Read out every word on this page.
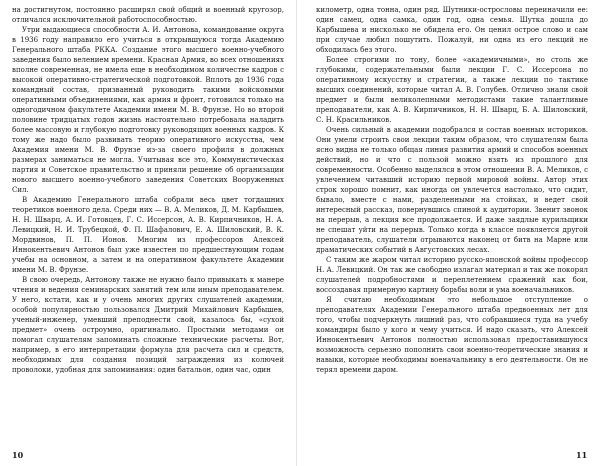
на достигнутом, постоянно расширял свой общий и военный кругозор, отличался исключительной работоспособностью.

Утри выдающиеся способности А. И. Антонова, командование округа в 1936 году направило его учиться в открывшуюся тогда Академию Генерального штаба РККА. Создание этого высшего военно-учебного заведения было велением времени. Красная Армия, во всех отношениях вполне современная, не имела еще в необходимом количестве кадров с высокой оперативно-стратегической подготовкой. Вплоть до 1936 года командный состав, призванный руководить такими войсковыми оперативными объединениями, как армия и фронт, готовился только на одногодичном факультете Академии имени М. В. Фрунзе. Но во второй половине тридцатых годов жизнь настоятельно потребовала наладить более массовую и глубокую подготовку руководящих военных кадров. К тому же надо было развивать теорию оперативного искусства, чем Академия имени М. В. Фрунзе из-за своего профиля в должных размерах заниматься не могла. Учитывая все это, Коммунистическая партия и Советское правительство и приняли решение об организации нового высшего военно-учебного заведения Советских Вооруженных Сил.

В Академию Генерального штаба собрали весь цвет тогдашних теоретиков военного дела. Среди них — В. А. Меликов, Д. М. Карбышев, Н. Н. Шварц, А. И. Готовцев, Г. С. Иссерсон, А. В. Кирпичников, Н. А. Левицкий, Н. И. Трубецкой, Ф. П. Шафалович, Е. А. Шиловский, В. К. Мордвинов, П. П. Ионов. Многим из профессоров Алексей Иннокентьевич Антонов был уже известен по предшествующим годам учебы на основном, а затем и на оперативном факультете Академии имени М. В. Фрунзе.

В свою очередь, Антонову также не нужно было привыкать к манере чтения и ведения семинарских занятий тем или иным преподавателем. У него, кстати, как и у очень многих других слушателей академии, особой популярностью пользовался Дмитрий Михайлович Карбышев, ученый-инженер, умевший преподнести свой, казалось бы, «сухой предмет» очень остроумно, оригинально. Простыми методами он помогал слушателям запоминать сложные технические расчеты. Вот, например, в его интерпретации формула для расчета сил и средств, необходимых для создания позиций заграждения из колючей проволоки, удобная для запоминания: один батальон, один час, один

километр, одна тонна, один ряд. Шутники-острословы переиначили ее: один самец, одна самка, один год, одна семья. Шутка дошла до Карбышева и нисколько не обидела его. Он ценил острое слово и сам при случае любил пошутить. Пожалуй, ни одна из его лекций не обходилась без этого.

Более строгими по тону, более «академичными», но столь же глубокими, содержательными были лекции Г. С. Иссерсона по оперативному искусству и стратегии, а также лекции по тактике высших соединений, которые читал А. В. Голубев. Отлично знали свой предмет и были великолепными методистами такие талантливые преподаватели, как А. В. Кирпичников, Н. Н. Шварц, Б. А. Шиловский, С. Н. Красильников.

Очень сильный в академии подобрался и состав военных историков. Они умели строить свои лекции таким образом, что слушателям была ясно видна не только общая линия развития армий и способов военных действий, но и что с пользой можно взять из прошлого для современности. Особенно выделялся в этом отношении В. А. Меликов, с увлечением читавший историю первой мировой войны. Автор этих строк хорошо помнит, как иногда он увлечется настолько, что сидит, бывало, вместе с нами, разделенными на стойках, и ведет свой интересный рассказ, повернувшись спиной к аудитории. Звенит звонок на перерыв, а лекция все продолжается. И даже заядлые курильщики не спешат уйти на перерыв. Только когда в классе появляется другой преподаватель, слушатели отрываются наконец от битв на Марне или драматических событий в Августовских лесах.

С таким же жаром читал историю русско-японской войны профессор Н. А. Левицкий. Он так же свободно излагал материал и так же покорял слушателей подробностями и переплетением сражений как бои, воссоздавая примерную картину борьбы воли и ума военачальников.

Я считаю необходимым это небольшое отступление о преподавателях Академии Генерального штаба предвоенных лет для того, чтобы подчеркнуть лишний раз, что собравшиеся туда на учебу командиры было у кого и чему учиться. И надо сказать, что Алексей Иннокентьевич Антонов полностью использовал предоставившуюся возможность серьезно пополнить свои военно-теоретические знания и навыки, которые необходимы военачальнику в его деятельности. Он не терял времени даром.

10	11
